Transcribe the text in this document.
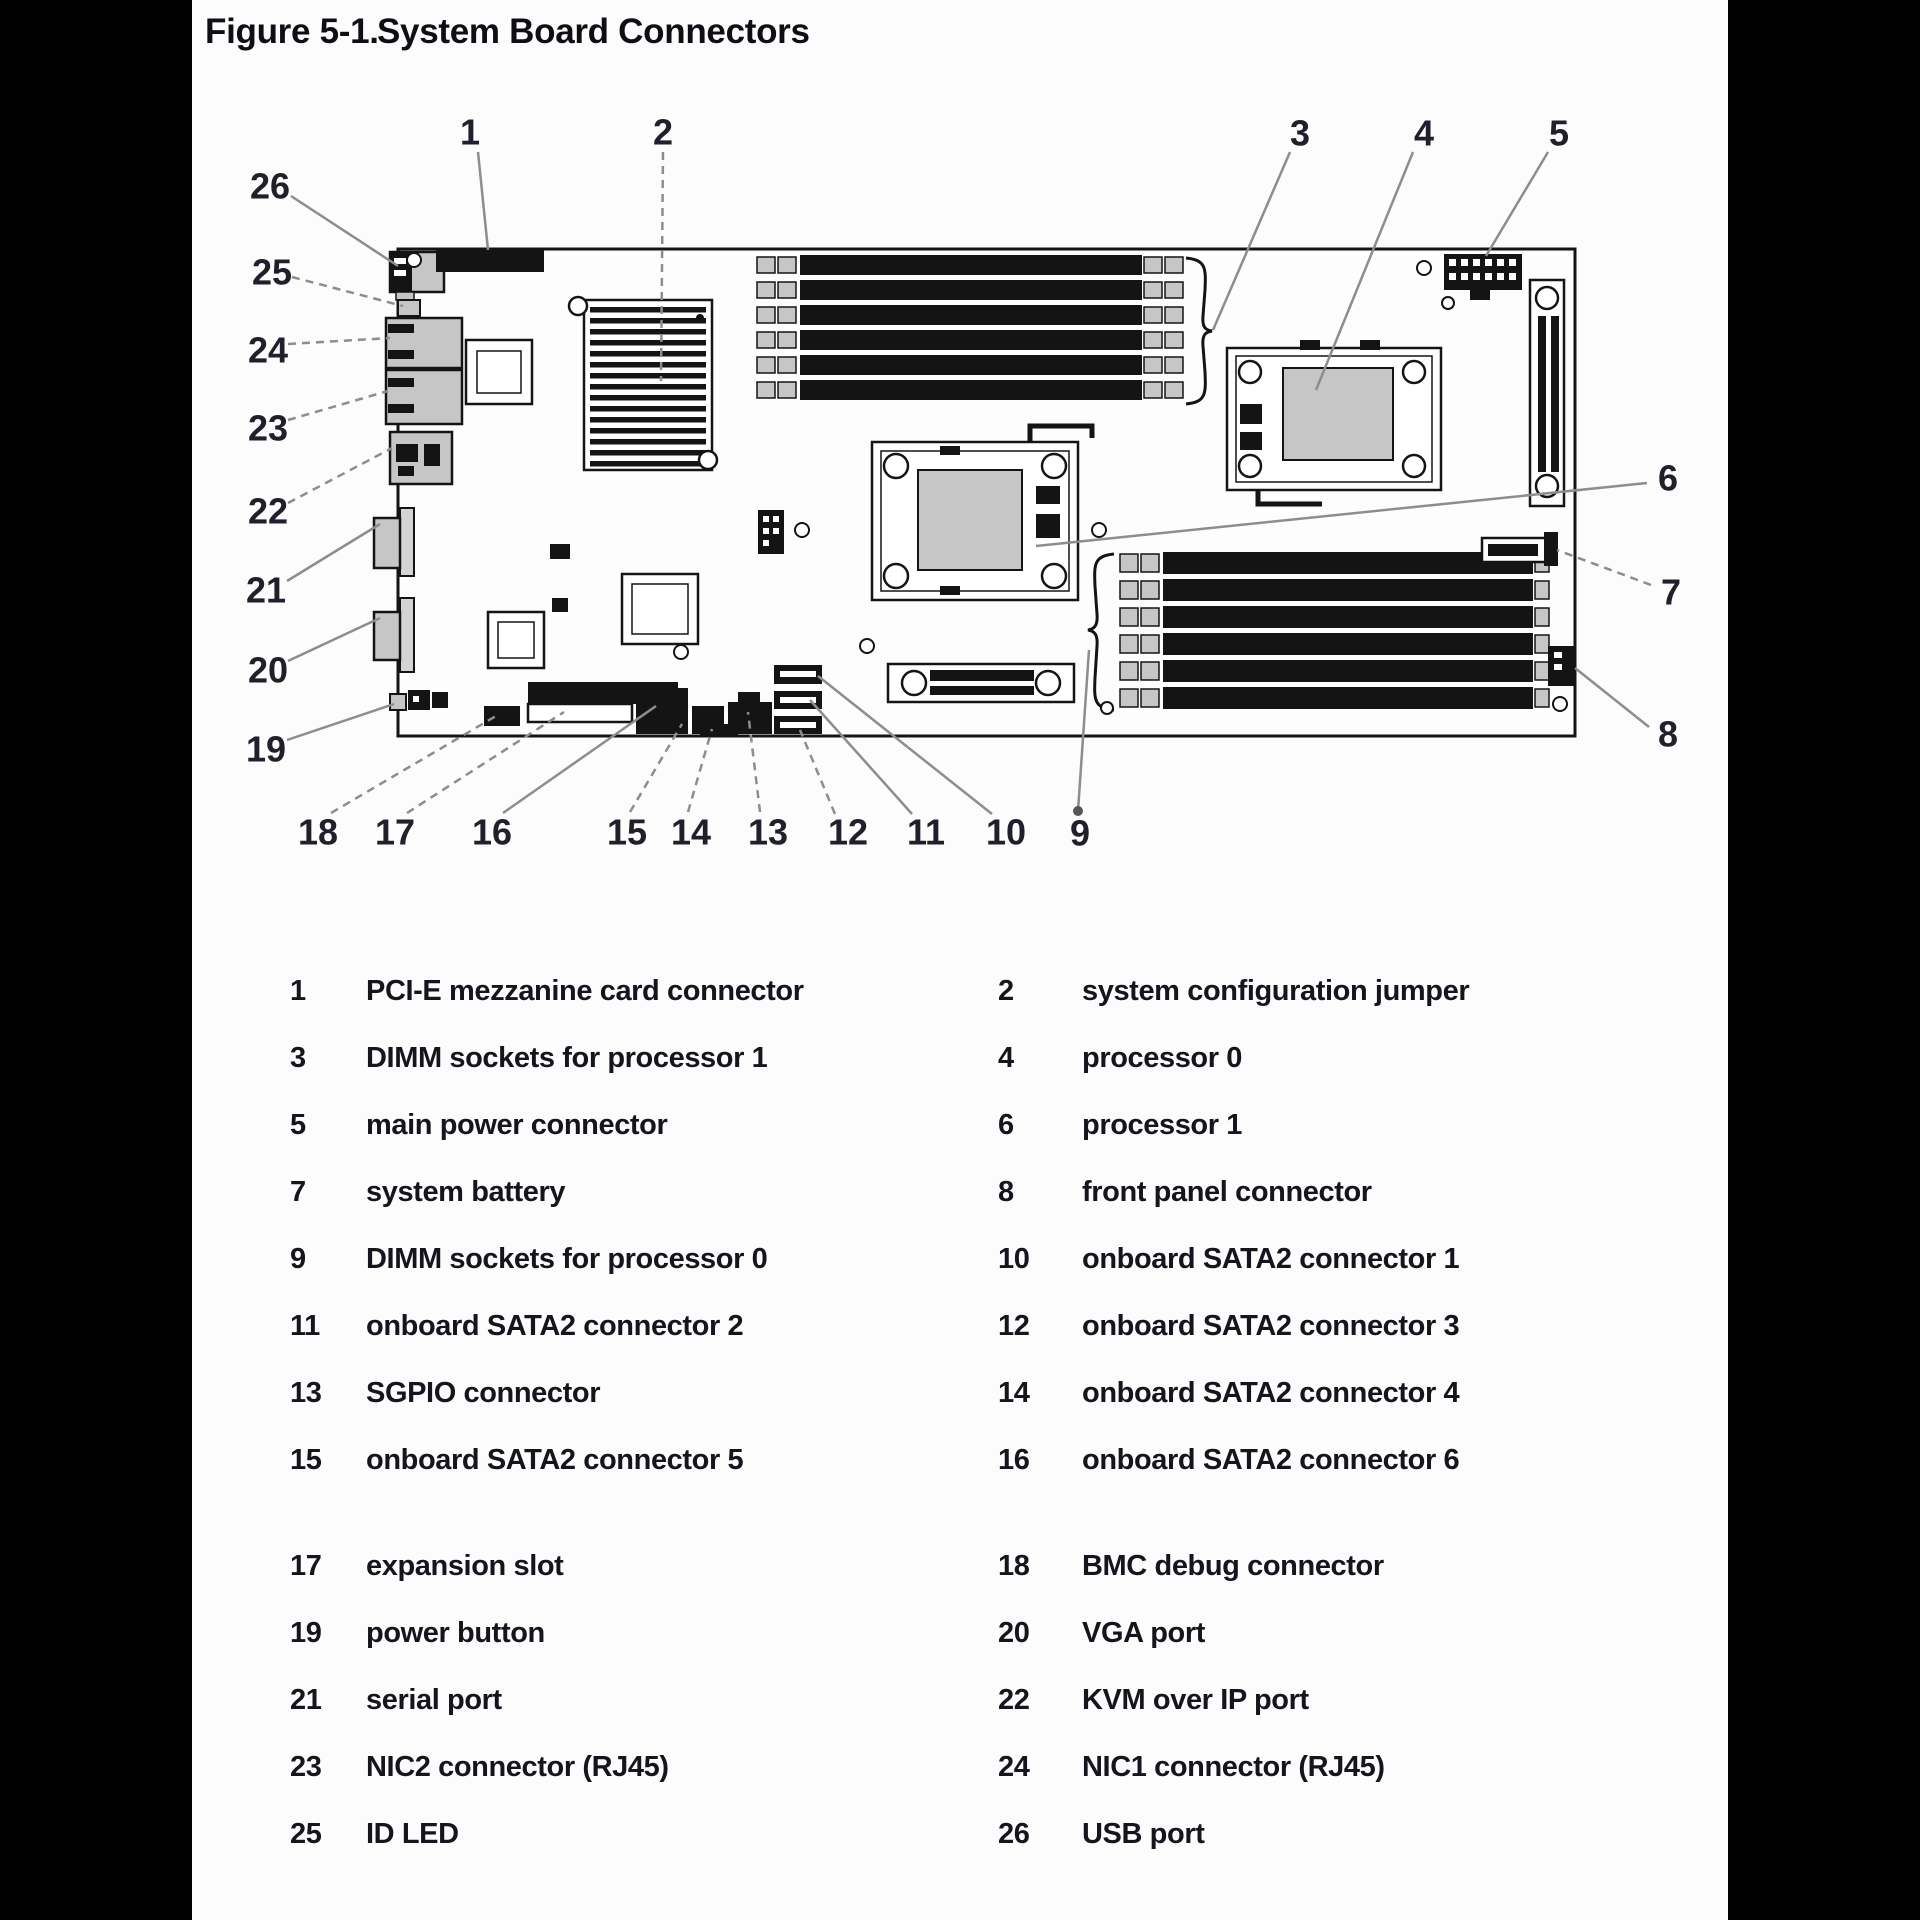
Figure 5-1.System Board Connectors
1	2	3	4	5
6
7
8
9
10
11
12
13
14
15
16
17
18
19
20
21
22
23
24
25
26
1	PCI-E mezzanine card connector	2	system configuration jumper
3	DIMM sockets for processor 1	4	processor 0
5	main power connector	6	processor 1
7	system battery	8	front panel connector
9	DIMM sockets for processor 0	10	onboard SATA2 connector 1
11	onboard SATA2 connector 2	12	onboard SATA2 connector 3
13	SGPIO connector	14	onboard SATA2 connector 4
15	onboard SATA2 connector 5	16	onboard SATA2 connector 6
17	expansion slot	18	BMC debug connector
19	power button	20	VGA port
21	serial port	22	KVM over IP port
23	NIC2 connector (RJ45)	24	NIC1 connector (RJ45)
25	ID LED	26	USB port
